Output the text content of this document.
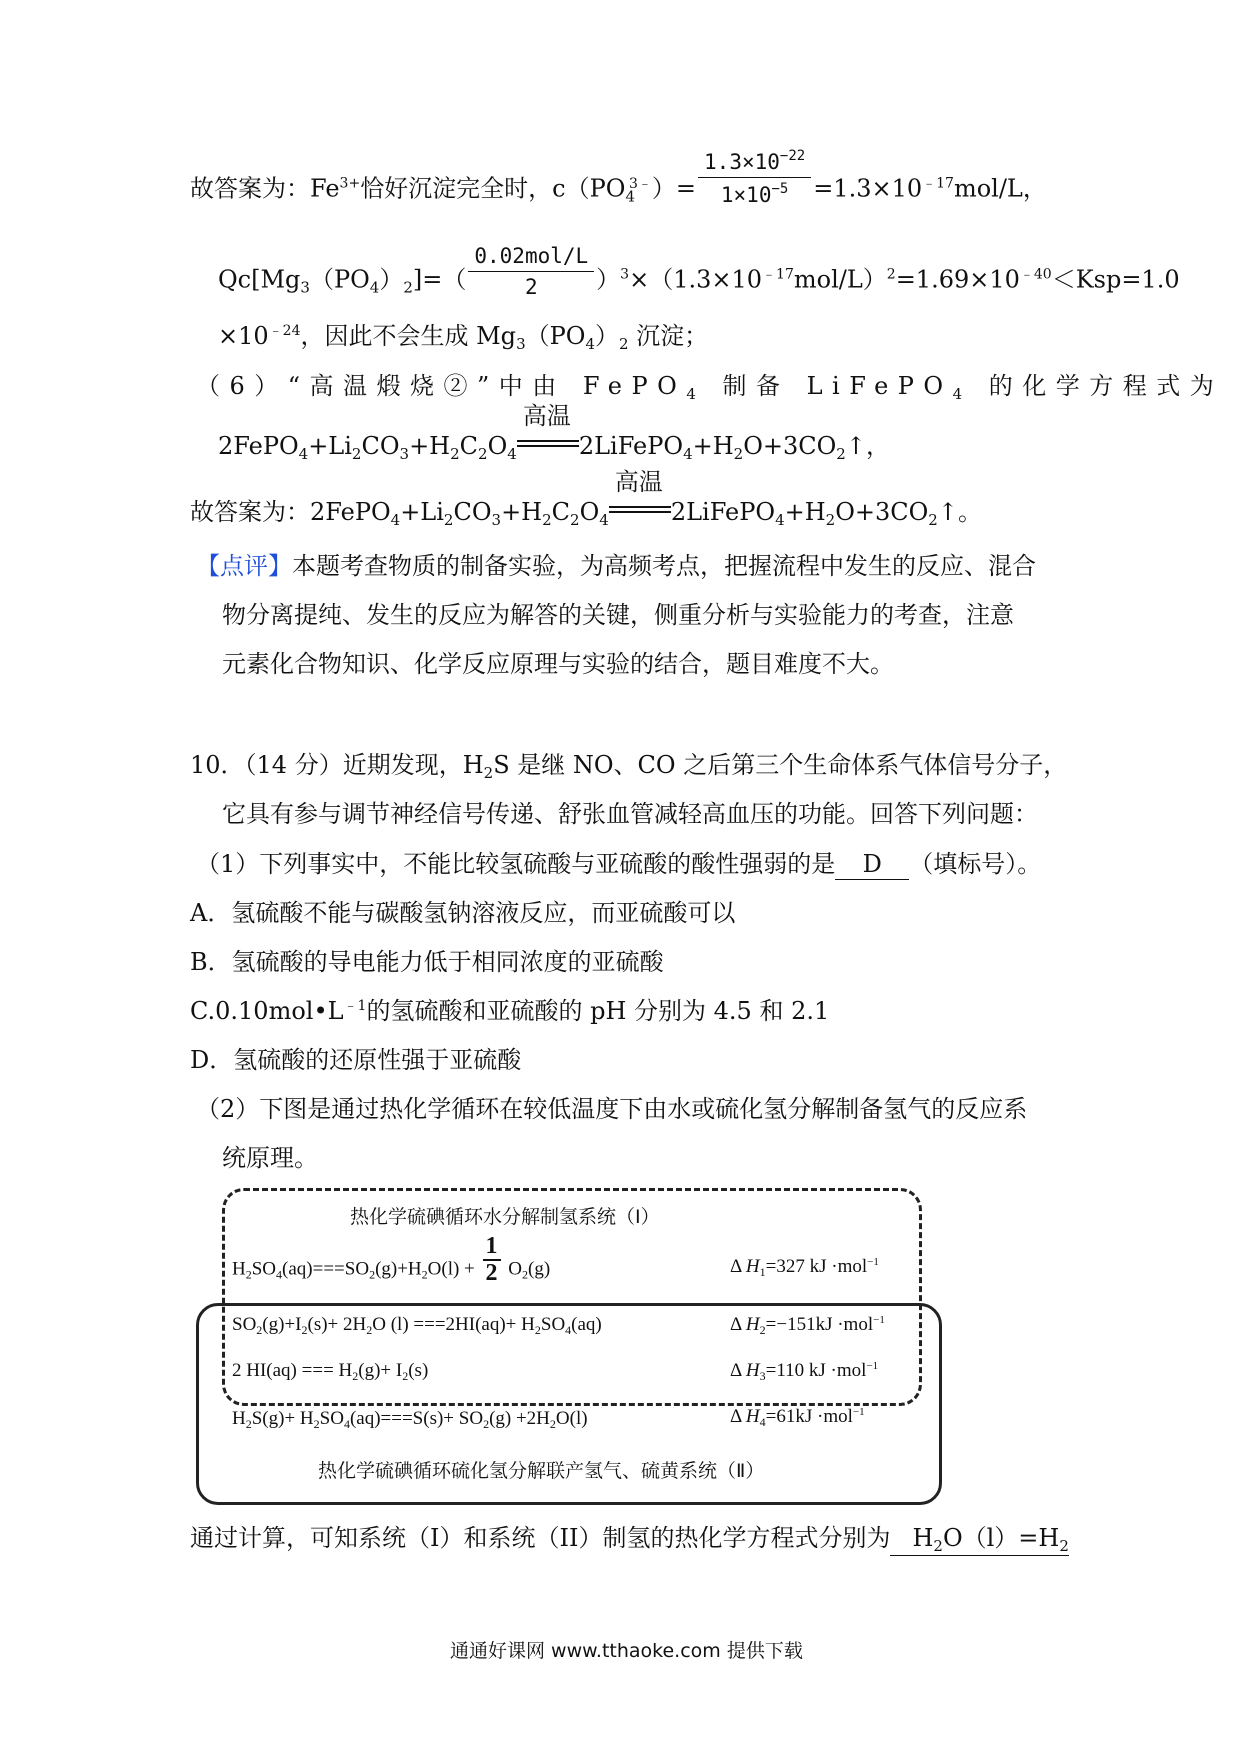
故答案为：$Fe^{3+}$恰好沉淀完全时，$c(PO_4^{3﹣})= \frac{1.3\times 10^{-22}}{1\times 10^{-5}} =1.3\times 10^{﹣17}mol/L$，
$Qc[Mg_3(PO_4)_2]=( \frac{\text{0.02mol/L}}{2} )^3\times(1.3\times 10^{﹣17}mol/L)^2=1.69\times 10^{﹣40}<Ksp=1.0$
$\times 10^{﹣24}$，因此不会生成 $Mg_3(PO_4)_2$ 沉淀；
（6）“高温煅烧②”中由 FePO$_4$ 制备 LiFePO$_4$ 的化学方程式为
$2FePO_4+Li_2CO_3+H_2C_2O_4$
高温
$2LiFePO_4+H_2O+3CO_2↑$，
故答案为：$2FePO_4+Li_2CO_3+H_2C_2O_4$
高温
$2LiFePO_4+H_2O+3CO_2↑$。
【点评】本题考查物质的制备实验，为高频考点，把握流程中发生的反应、混合
物分离提纯、发生的反应为解答的关键，侧重分析与实验能力的考查，注意
元素化合物知识、化学反应原理与实验的结合，题目难度不大。
10．（14 分）近期发现，$H_2S$ 是继 NO、CO 之后第三个生命体系气体信号分子，
它具有参与调节神经信号传递、舒张血管减轻高血压的功能。回答下列问题：
（1）下列事实中，不能比较氢硫酸与亚硫酸的酸性强弱的是 D （填标号）。
A．氢硫酸不能与碳酸氢钠溶液反应，而亚硫酸可以
B．氢硫酸的导电能力低于相同浓度的亚硫酸
$C.0.10mol•L^{﹣1}$的氢硫酸和亚硫酸的 pH 分别为 4.5 和 2.1
D．氢硫酸的还原性强于亚硫酸
（2）下图是通过热化学循环在较低温度下由水或硫化氢分解制备氢气的反应系
统原理。
热化学硫碘循环水分解制氢系统（Ⅰ）
$H_2SO_4(aq)===SO_2(g)+H_2O(l) + \frac{1}{2} O_2(g)$	Δ $H_1=327$ kJ ·mol$^{-1}$
$SO_2(g)+I_2(s)+ 2H_2O$ $(l) ===2HI(aq)+ H_2SO_4(aq)$	Δ $H_2=-151kJ \cdot mol^{-1}$
2 HI(aq) === $H_2(g)+ I_2(s)$	Δ $H_3=110$ kJ ·mol$^{-1}$
$H_2S(g)+ H_2SO_4(aq)===S(s)+ SO_2(g) +2H_2O(l)$	Δ $H_4=61kJ \cdot mol^{-1}$
热化学硫碘循环硫化氢分解联产氢气、硫黄系统（Ⅱ）
通过计算，可知系统（I）和系统（II）制氢的热化学方程式分别为 $H_2O(l)=H_2$
通通好课网 www.tthaoke.com 提供下载
